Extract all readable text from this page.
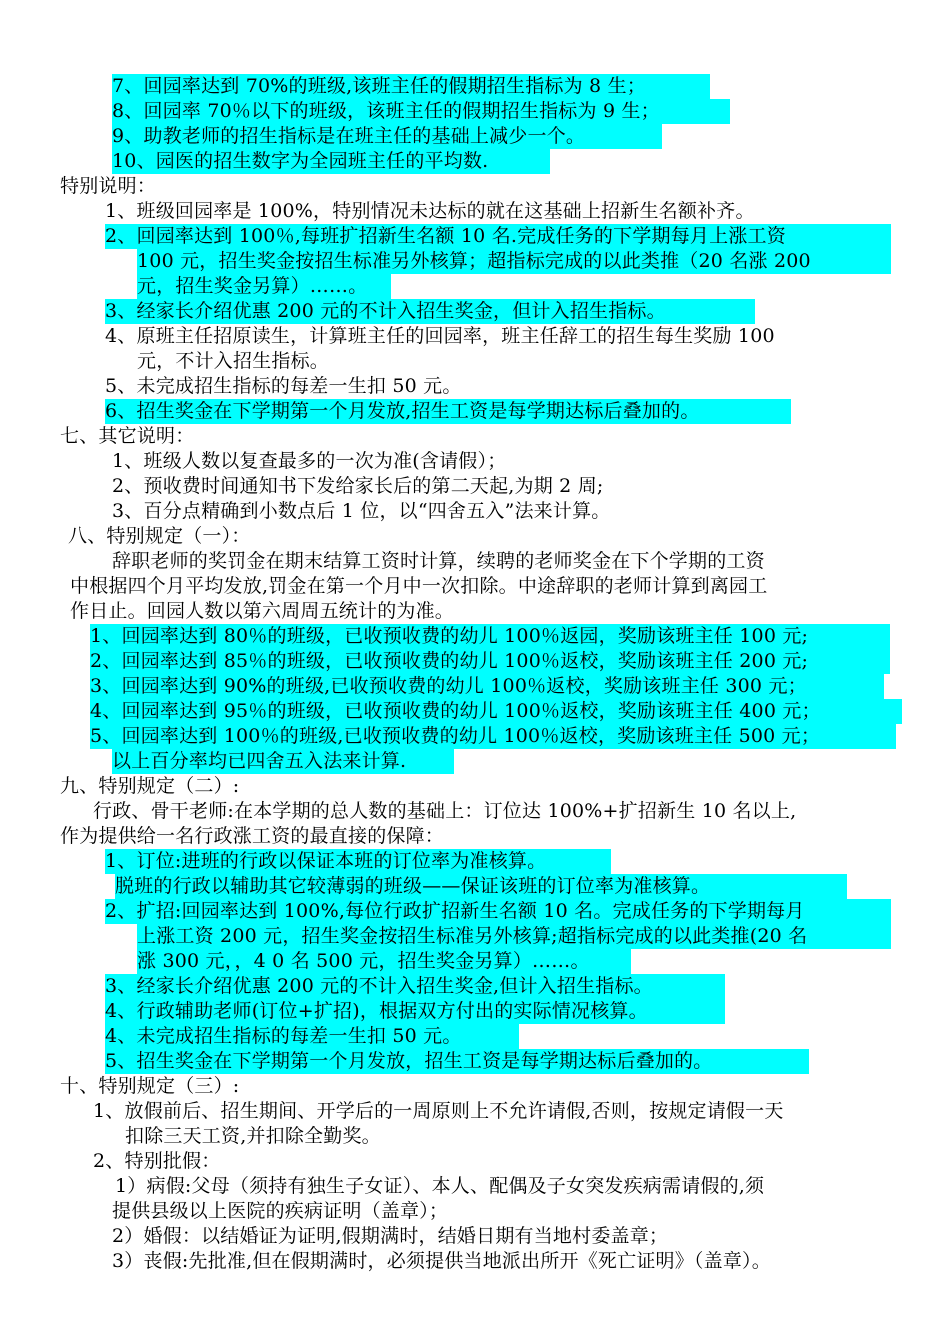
7、回园率达到 70%的班级,该班主任的假期招生指标为 8 生；
8、回园率 70％以下的班级，该班主任的假期招生指标为 9 生；
9、助教老师的招生指标是在班主任的基础上减少一个。
10、园医的招生数字为全园班主任的平均数.
特别说明：
1、班级回园率是 100%，特别情况未达标的就在这基础上招新生名额补齐。
2、回园率达到 100％,每班扩招新生名额 10 名.完成任务的下学期每月上涨工资
100 元，招生奖金按招生标准另外核算；超指标完成的以此类推（20 名涨 200
元，招生奖金另算）……。
3、经家长介绍优惠 200 元的不计入招生奖金，但计入招生指标。
4、原班主任招原读生，计算班主任的回园率，班主任辞工的招生每生奖励 100
元，不计入招生指标。
5、未完成招生指标的每差一生扣 50 元。
6、招生奖金在下学期第一个月发放,招生工资是每学期达标后叠加的。
七、其它说明：
1、班级人数以复查最多的一次为准(含请假）；
2、预收费时间通知书下发给家长后的第二天起,为期 2 周;
3、百分点精确到小数点后 1 位，以“四舍五入”法来计算。
八、特别规定（一）：
辞职老师的奖罚金在期末结算工资时计算，续聘的老师奖金在下个学期的工资
中根据四个月平均发放,罚金在第一个月中一次扣除。中途辞职的老师计算到离园工
作日止。回园人数以第六周周五统计的为准。
1、回园率达到 80％的班级，已收预收费的幼儿 100％返园，奖励该班主任 100 元;
2、回园率达到 85％的班级，已收预收费的幼儿 100％返校，奖励该班主任 200 元;
3、回园率达到 90%的班级,已收预收费的幼儿 100％返校，奖励该班主任 300 元；
4、回园率达到 95％的班级，已收预收费的幼儿 100％返校，奖励该班主任 400 元；
5、回园率达到 100％的班级,已收预收费的幼儿 100％返校，奖励该班主任 500 元；
以上百分率均已四舍五入法来计算.
九、特别规定（二）:
行政、骨干老师:在本学期的总人数的基础上：订位达 100%+扩招新生 10 名以上,
作为提供给一名行政涨工资的最直接的保障：
1、订位:进班的行政以保证本班的订位率为准核算。
脱班的行政以辅助其它较薄弱的班级——保证该班的订位率为准核算。
2、扩招:回园率达到 100%,每位行政扩招新生名额 10 名。完成任务的下学期每月
上涨工资 200 元，招生奖金按招生标准另外核算;超指标完成的以此类推(20 名
涨 300 元，，4 0 名 500 元，招生奖金另算）……。
3、经家长介绍优惠 200 元的不计入招生奖金,但计入招生指标。
4、行政辅助老师(订位+扩招)，根据双方付出的实际情况核算。
4、未完成招生指标的每差一生扣 50 元。
5、招生奖金在下学期第一个月发放，招生工资是每学期达标后叠加的。
十、特别规定（三）:
1、放假前后、招生期间、开学后的一周原则上不允许请假,否则，按规定请假一天
扣除三天工资,并扣除全勤奖。
2、特别批假：
1）病假:父母（须持有独生子女证）、本人、配偶及子女突发疾病需请假的,须
提供县级以上医院的疾病证明（盖章）；
2）婚假：以结婚证为证明,假期满时，结婚日期有当地村委盖章；
3）丧假:先批准,但在假期满时，必须提供当地派出所开《死亡证明》（盖章）。
